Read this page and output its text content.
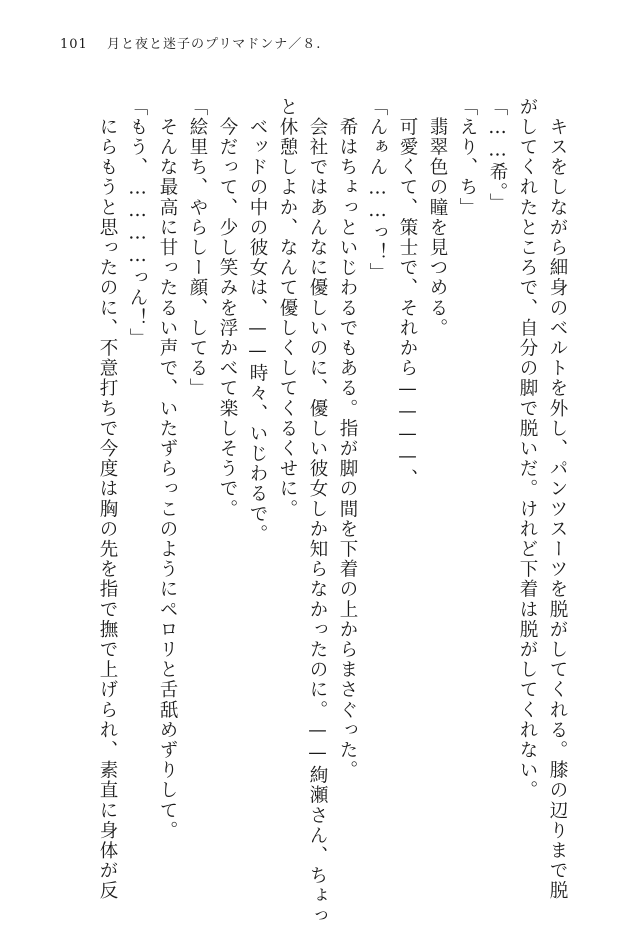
101 月と夜と迷子のプリマドンナ／８.

　キスをしながら細身のベルトを外し、パンツスーツを脱がしてくれる。膝の辺りまで脱

がしてくれたところで、自分の脚で脱いだ。けれど下着は脱がしてくれない。

「……希。」

「えり、ち」

　翡翠色の瞳を見つめる。

　可愛くて、策士で、それから————、

「んぁん……っ！」

　希はちょっといじわるでもある。指が脚の間を下着の上からまさぐった。

　会社ではあんなに優しいのに、優しい彼女しか知らなかったのに。——絢瀬さん、ちょっ

と休憩しよか、なんて優しくしてくるくせに。

　ベッドの中の彼女は、——時々、いじわるで。

　今だって、少し笑みを浮かべて楽しそうで。

「絵里ち、やらしー顔、してる」

　そんな最高に甘ったるい声で、いたずらっこのようにペロリと舌舐めずりして。

「もう、…………っん！」

　にらもうと思ったのに、不意打ちで今度は胸の先を指で撫で上げられ、素直に身体が反
